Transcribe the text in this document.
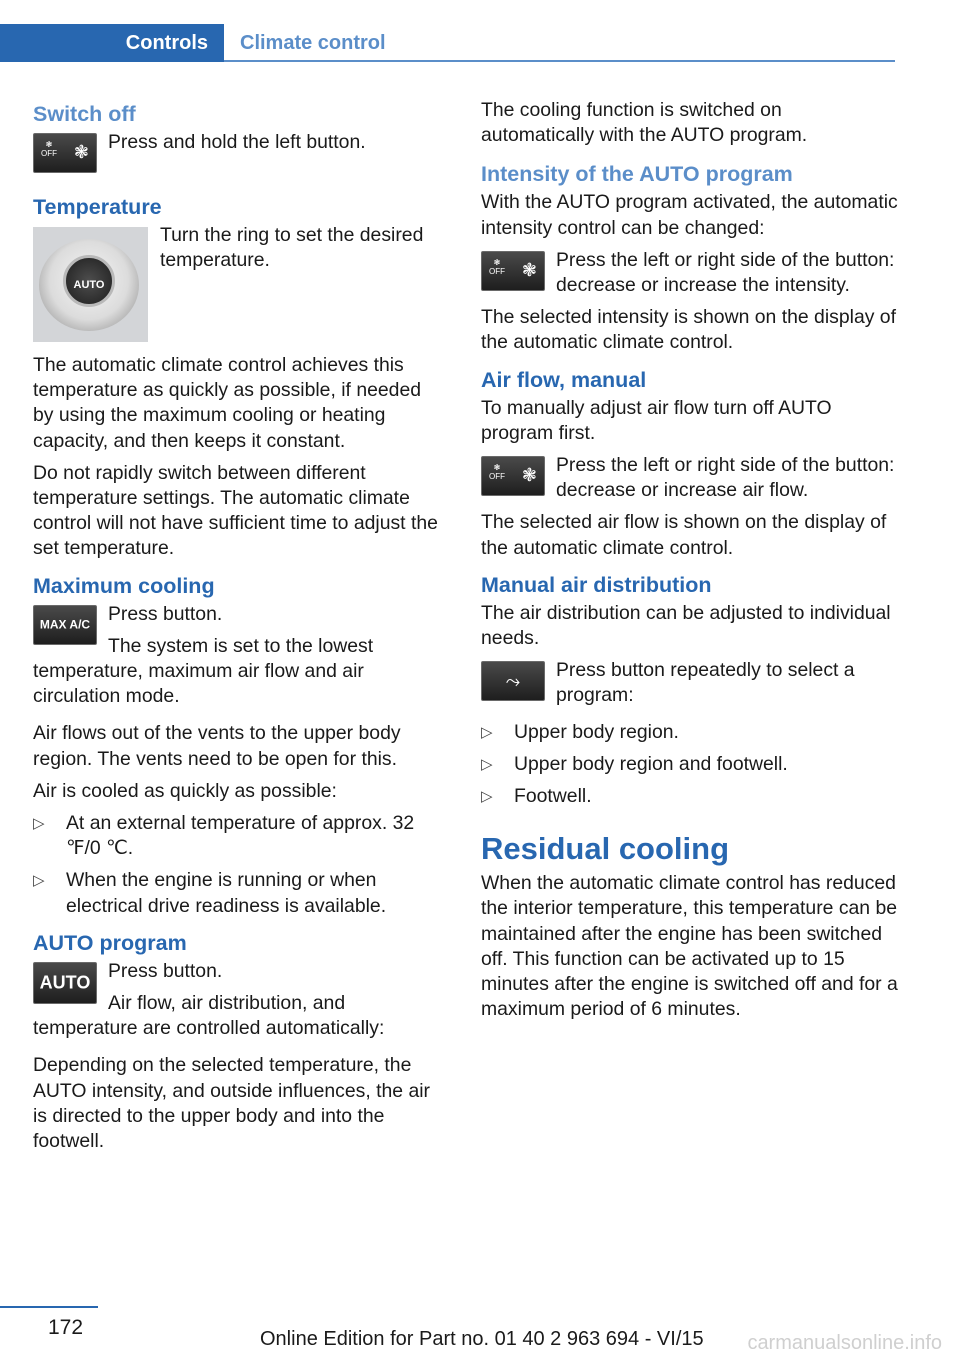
Controls Climate control
Switch off
❃
OFF ❃ Press and hold the left button.

Temperature
AUTO

Turn the ring to set the desired temperature.

The automatic climate control achieves this temperature as quickly as possible, if needed by using the maximum cooling or heating capacity, and then keeps it constant.

Do not rapidly switch between different temperature settings. The automatic climate control will not have sufficient time to adjust the set temperature.

Maximum cooling
MAX A/C Press button.

The system is set to the lowest temperature, maximum air flow and air circulation mode.

Air flows out of the vents to the upper body region. The vents need to be open for this.

Air is cooled as quickly as possible:

▷ At an external temperature of approx. 32 ℉/0 ℃.
▷ When the engine is running or when electrical drive readiness is available.
AUTO program
AUTO

Press button.

Air flow, air distribution, and temperature are controlled automatically:

Depending on the selected temperature, the AUTO intensity, and outside influences, the air is directed to the upper body and into the footwell.

The cooling function is switched on automatically with the AUTO program.

Intensity of the AUTO program

With the AUTO program activated, the automatic intensity control can be changed:

❃
OFF ❃ Press the left or right side of the button: decrease or increase the intensity.

The selected intensity is shown on the display of the automatic climate control.

Air flow, manual

To manually adjust air flow turn off AUTO program first.

❃
OFF ❃ Press the left or right side of the button: decrease or increase air flow.

The selected air flow is shown on the display of the automatic climate control.

Manual air distribution

The air distribution can be adjusted to individual needs.

⤳	Press button repeatedly to select a program:

▷ Upper body region.
▷ Upper body region and footwell.
▷ Footwell.
Residual cooling

When the automatic climate control has reduced the interior temperature, this temperature can be maintained after the engine has been switched off. This function can be activated up to 15 minutes after the engine is switched off and for a maximum period of 6 minutes.

172	Online Edition for Part no. 01 40 2 963 694 - VI/15 carmanualsonline.info
